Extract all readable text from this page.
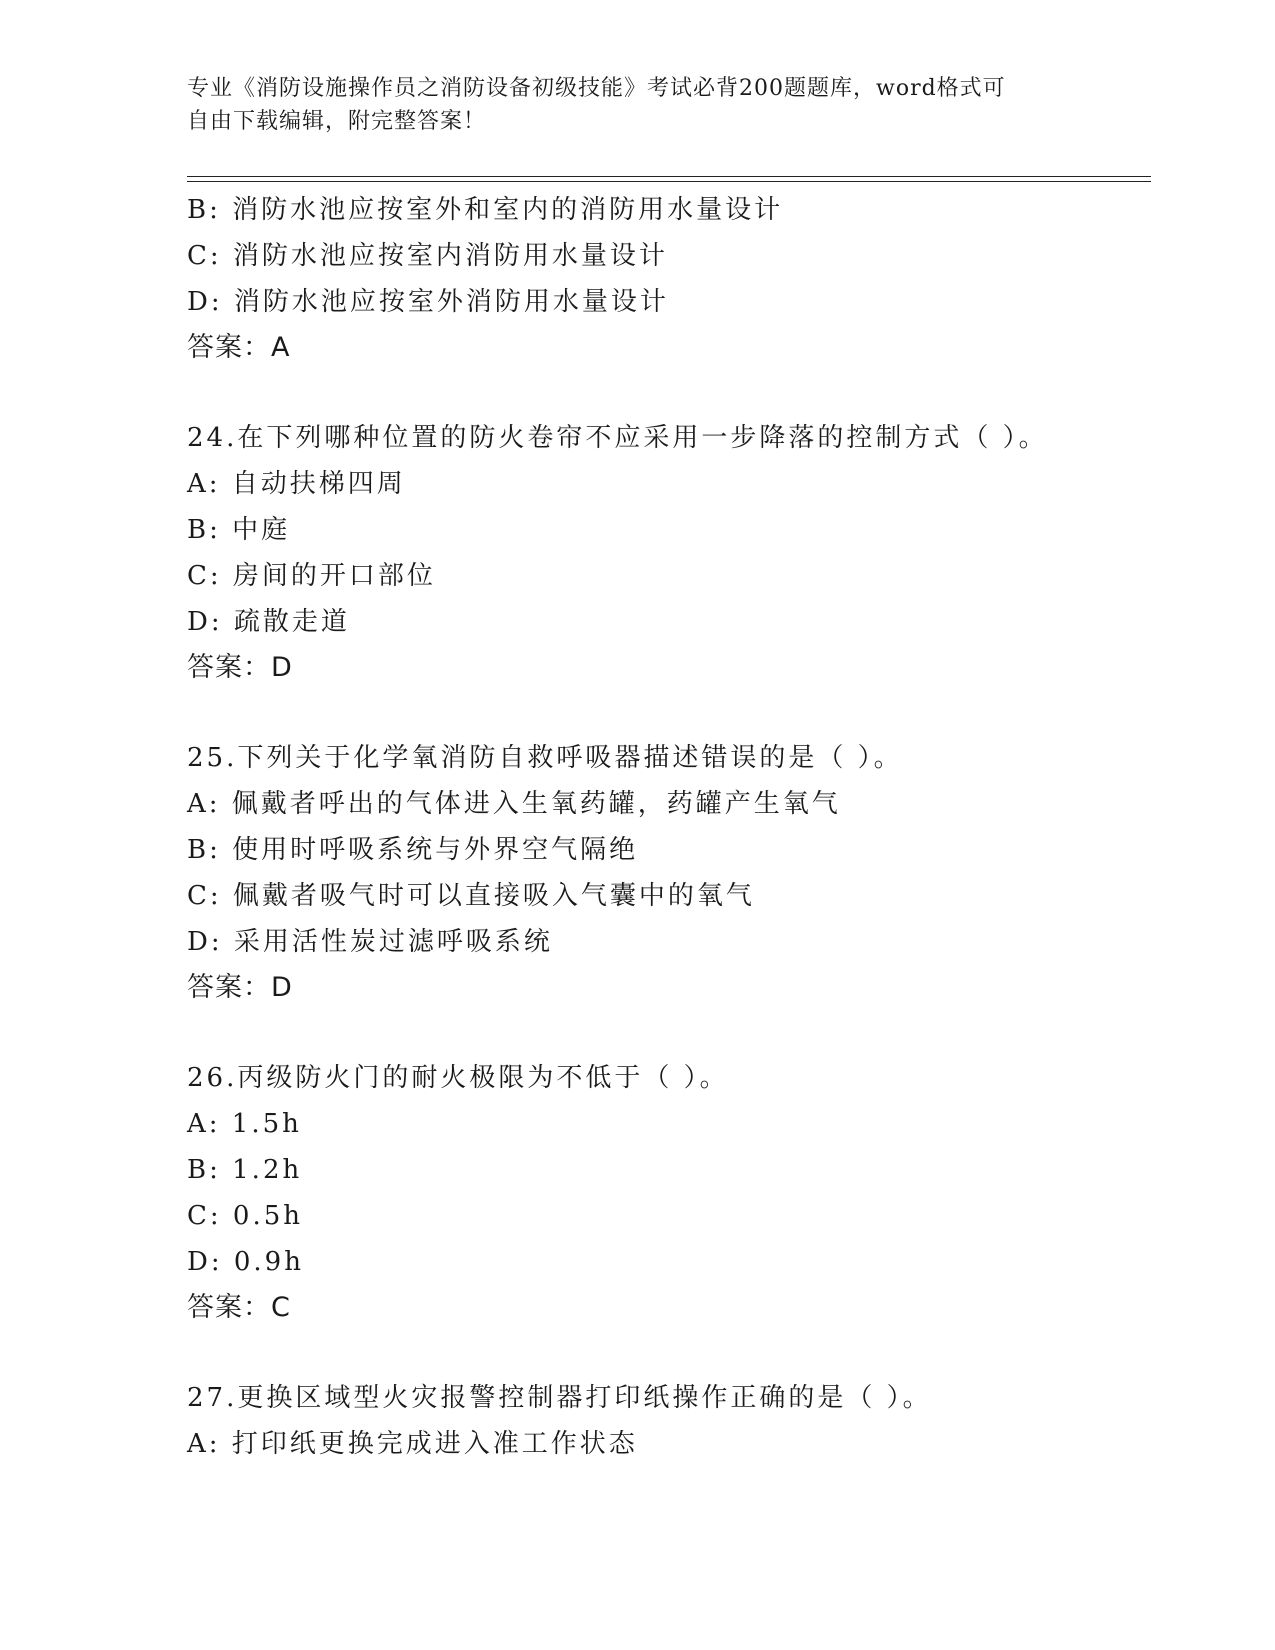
专业《消防设施操作员之消防设备初级技能》考试必背200题题库，word格式可
自由下载编辑，附完整答案！
B: 消防水池应按室外和室内的消防用水量设计
C: 消防水池应按室内消防用水量设计
D: 消防水池应按室外消防用水量设计
答案：A
24.在下列哪种位置的防火卷帘不应采用一步降落的控制方式（ ）。
A: 自动扶梯四周
B: 中庭
C: 房间的开口部位
D: 疏散走道
答案：D
25.下列关于化学氧消防自救呼吸器描述错误的是（ ）。
A: 佩戴者呼出的气体进入生氧药罐，药罐产生氧气
B: 使用时呼吸系统与外界空气隔绝
C: 佩戴者吸气时可以直接吸入气囊中的氧气
D: 采用活性炭过滤呼吸系统
答案：D
26.丙级防火门的耐火极限为不低于（ ）。
A: 1.5h
B: 1.2h
C: 0.5h
D: 0.9h
答案：C
27.更换区域型火灾报警控制器打印纸操作正确的是（ ）。
A: 打印纸更换完成进入准工作状态
